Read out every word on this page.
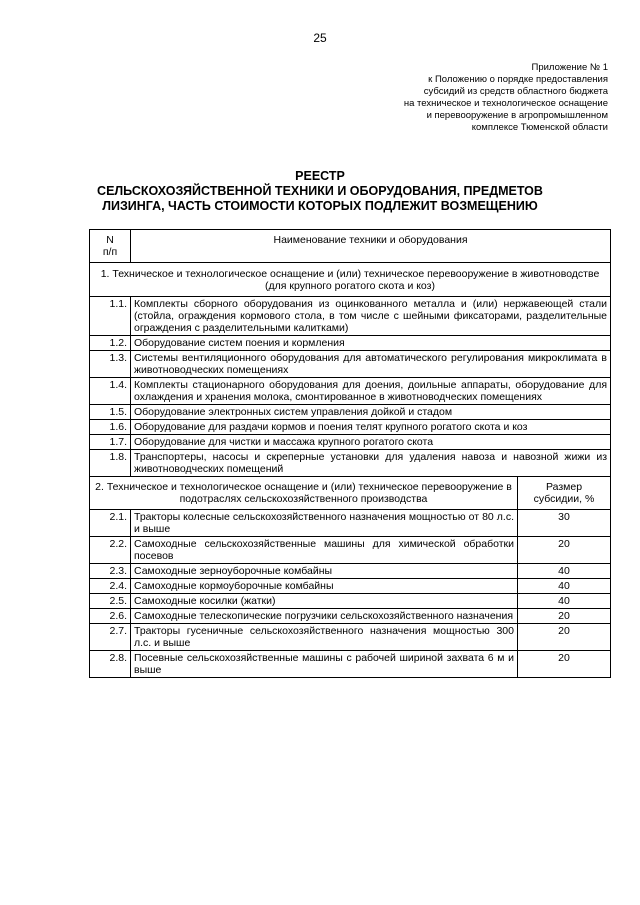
25
Приложение № 1
к Положению о порядке предоставления
субсидий из средств областного бюджета
на техническое и технологическое оснащение
и перевооружение в агропромышленном
комплексе Тюменской области
РЕЕСТР
СЕЛЬСКОХОЗЯЙСТВЕННОЙ ТЕХНИКИ И ОБОРУДОВАНИЯ, ПРЕДМЕТОВ
ЛИЗИНГА, ЧАСТЬ СТОИМОСТИ КОТОРЫХ ПОДЛЕЖИТ ВОЗМЕЩЕНИЮ
N
п/п	Наименование техники и оборудования	
1. Техническое и технологическое оснащение и (или) техническое перевооружение в животноводстве (для крупного рогатого скота и коз)		
1.1.	Комплекты сборного оборудования из оцинкованного металла и (или) нержавеющей стали (стойла, ограждения кормового стола, в том числе с шейными фиксаторами, разделительные ограждения с разделительными калитками)	
1.2.	Оборудование систем поения и кормления	
1.3.	Системы вентиляционного оборудования для автоматического регулирования микроклимата в животноводческих помещениях	
1.4.	Комплекты стационарного оборудования для доения, доильные аппараты, оборудование для охлаждения и хранения молока, смонтированное в животноводческих помещениях	
1.5.	Оборудование электронных систем управления дойкой и стадом	
1.6.	Оборудование для раздачи кормов и поения телят крупного рогатого скота и коз	
1.7.	Оборудование для чистки и массажа крупного рогатого скота	
1.8.	Транспортеры, насосы и скреперные установки для удаления навоза и навозной жижи из животноводческих помещений	
2. Техническое и технологическое оснащение и (или) техническое перевооружение в подотраслях сельскохозяйственного производства		Размер субсидии, %
2.1.	Тракторы колесные сельскохозяйственного назначения мощностью от 80 л.с. и выше	30
2.2.	Самоходные сельскохозяйственные машины для химической обработки посевов	20
2.3.	Самоходные зерноуборочные комбайны	40
2.4.	Самоходные кормоуборочные комбайны	40
2.5.	Самоходные косилки (жатки)	40
2.6.	Самоходные телескопические погрузчики сельскохозяйственного назначения	20
2.7.	Тракторы гусеничные сельскохозяйственного назначения мощностью 300 л.с. и выше	20
2.8.	Посевные сельскохозяйственные машины с рабочей шириной захвата 6 м и выше	20
